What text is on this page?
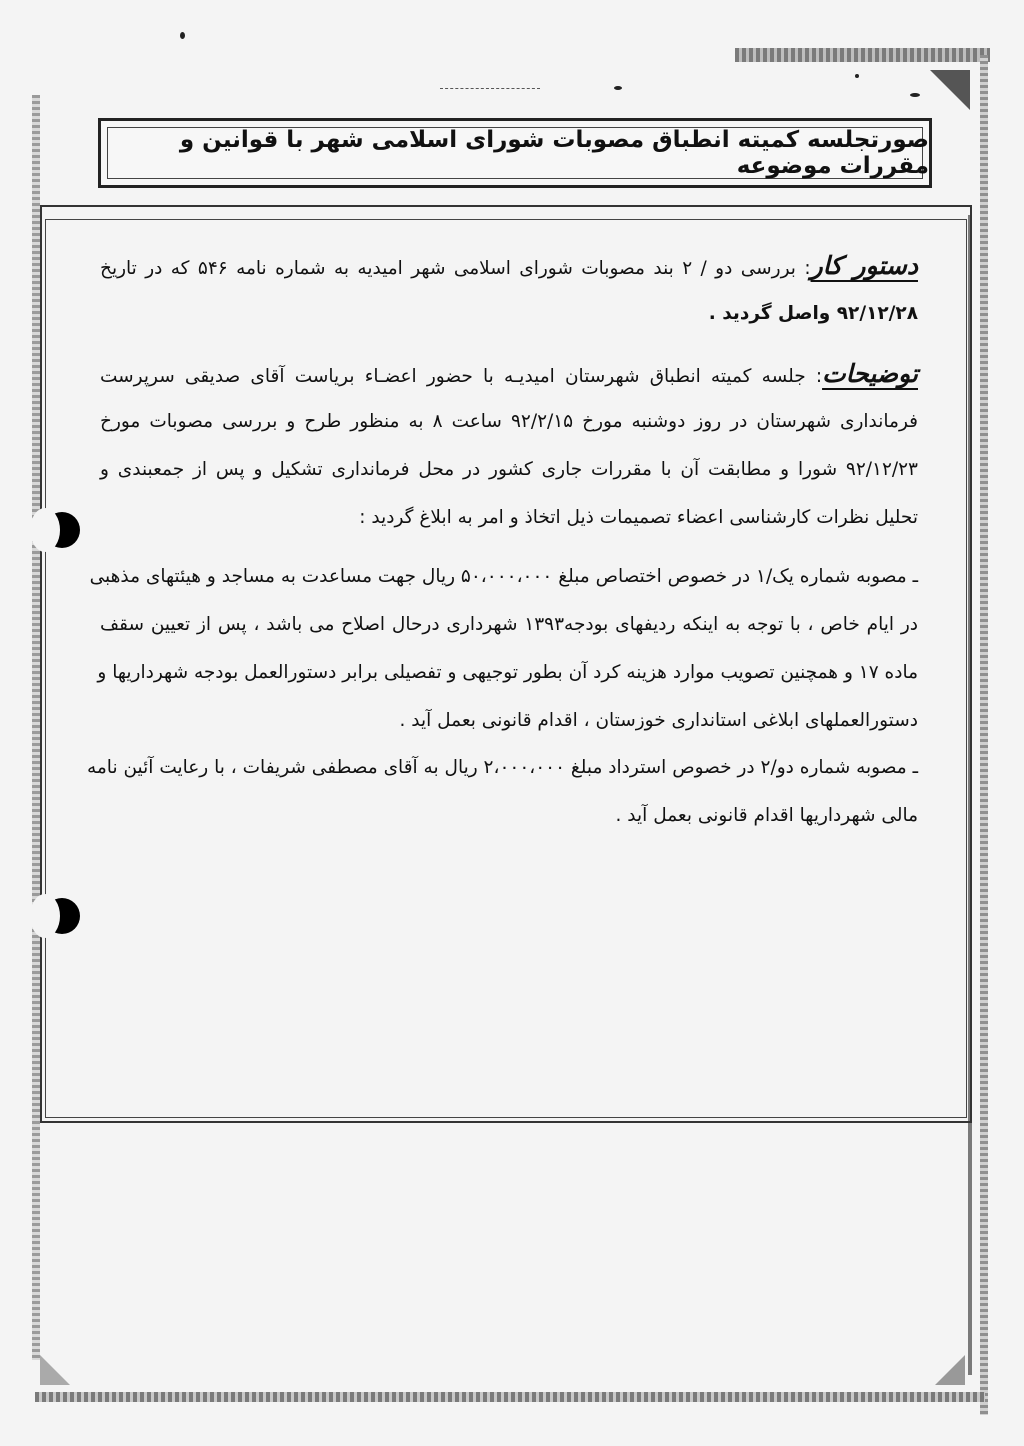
صورتجلسه کمیته انطباق مصوبات شورای اسلامی شهر با قوانین و مقررات موضوعه
دستور کار: بررسی دو / ۲ بند مصوبات شورای اسلامی شهر امیدیه به شماره نامه ۵۴۶ که در تاریخ
۹۲/۱۲/۲۸ واصل گردید .
توضیحات: جلسه کمیته انطباق شهرستان امیدیـه با حضور اعضـاء بریاست آقای صدیقی سرپرست
فرمانداری شهرستان در روز دوشنبه مورخ ۹۲/۲/۱۵ ساعت ۸ به منظور طرح و بررسی مصوبات مورخ
۹۲/۱۲/۲۳ شورا و مطابقت آن با مقررات جاری کشور در محل فرمانداری تشکیل و پس از جمعبندی و
تحلیل نظرات کارشناسی اعضاء تصمیمات ذیل اتخاذ و امر به ابلاغ گردید :
ـ مصوبه شماره یک/۱ در خصوص اختصاص مبلغ ۵۰،۰۰۰،۰۰۰ ریال جهت مساعدت به مساجد و هیئتهای مذهبی
در ایام خاص ، با توجه به اینکه ردیفهای بودجه۱۳۹۳ شهرداری درحال اصلاح می باشد ، پس از تعیین سقف
ماده ۱۷ و همچنین تصویب موارد هزینه کرد آن بطور توجیهی و تفصیلی برابر دستورالعمل بودجه شهرداریها و
دستورالعملهای ابلاغی استانداری خوزستان ، اقدام قانونی بعمل آید .
ـ مصوبه شماره دو/۲ در خصوص استرداد مبلغ ۲،۰۰۰،۰۰۰ ریال به آقای مصطفی شریفات ، با رعایت آئین نامه
مالی شهرداریها اقدام قانونی بعمل آید .
